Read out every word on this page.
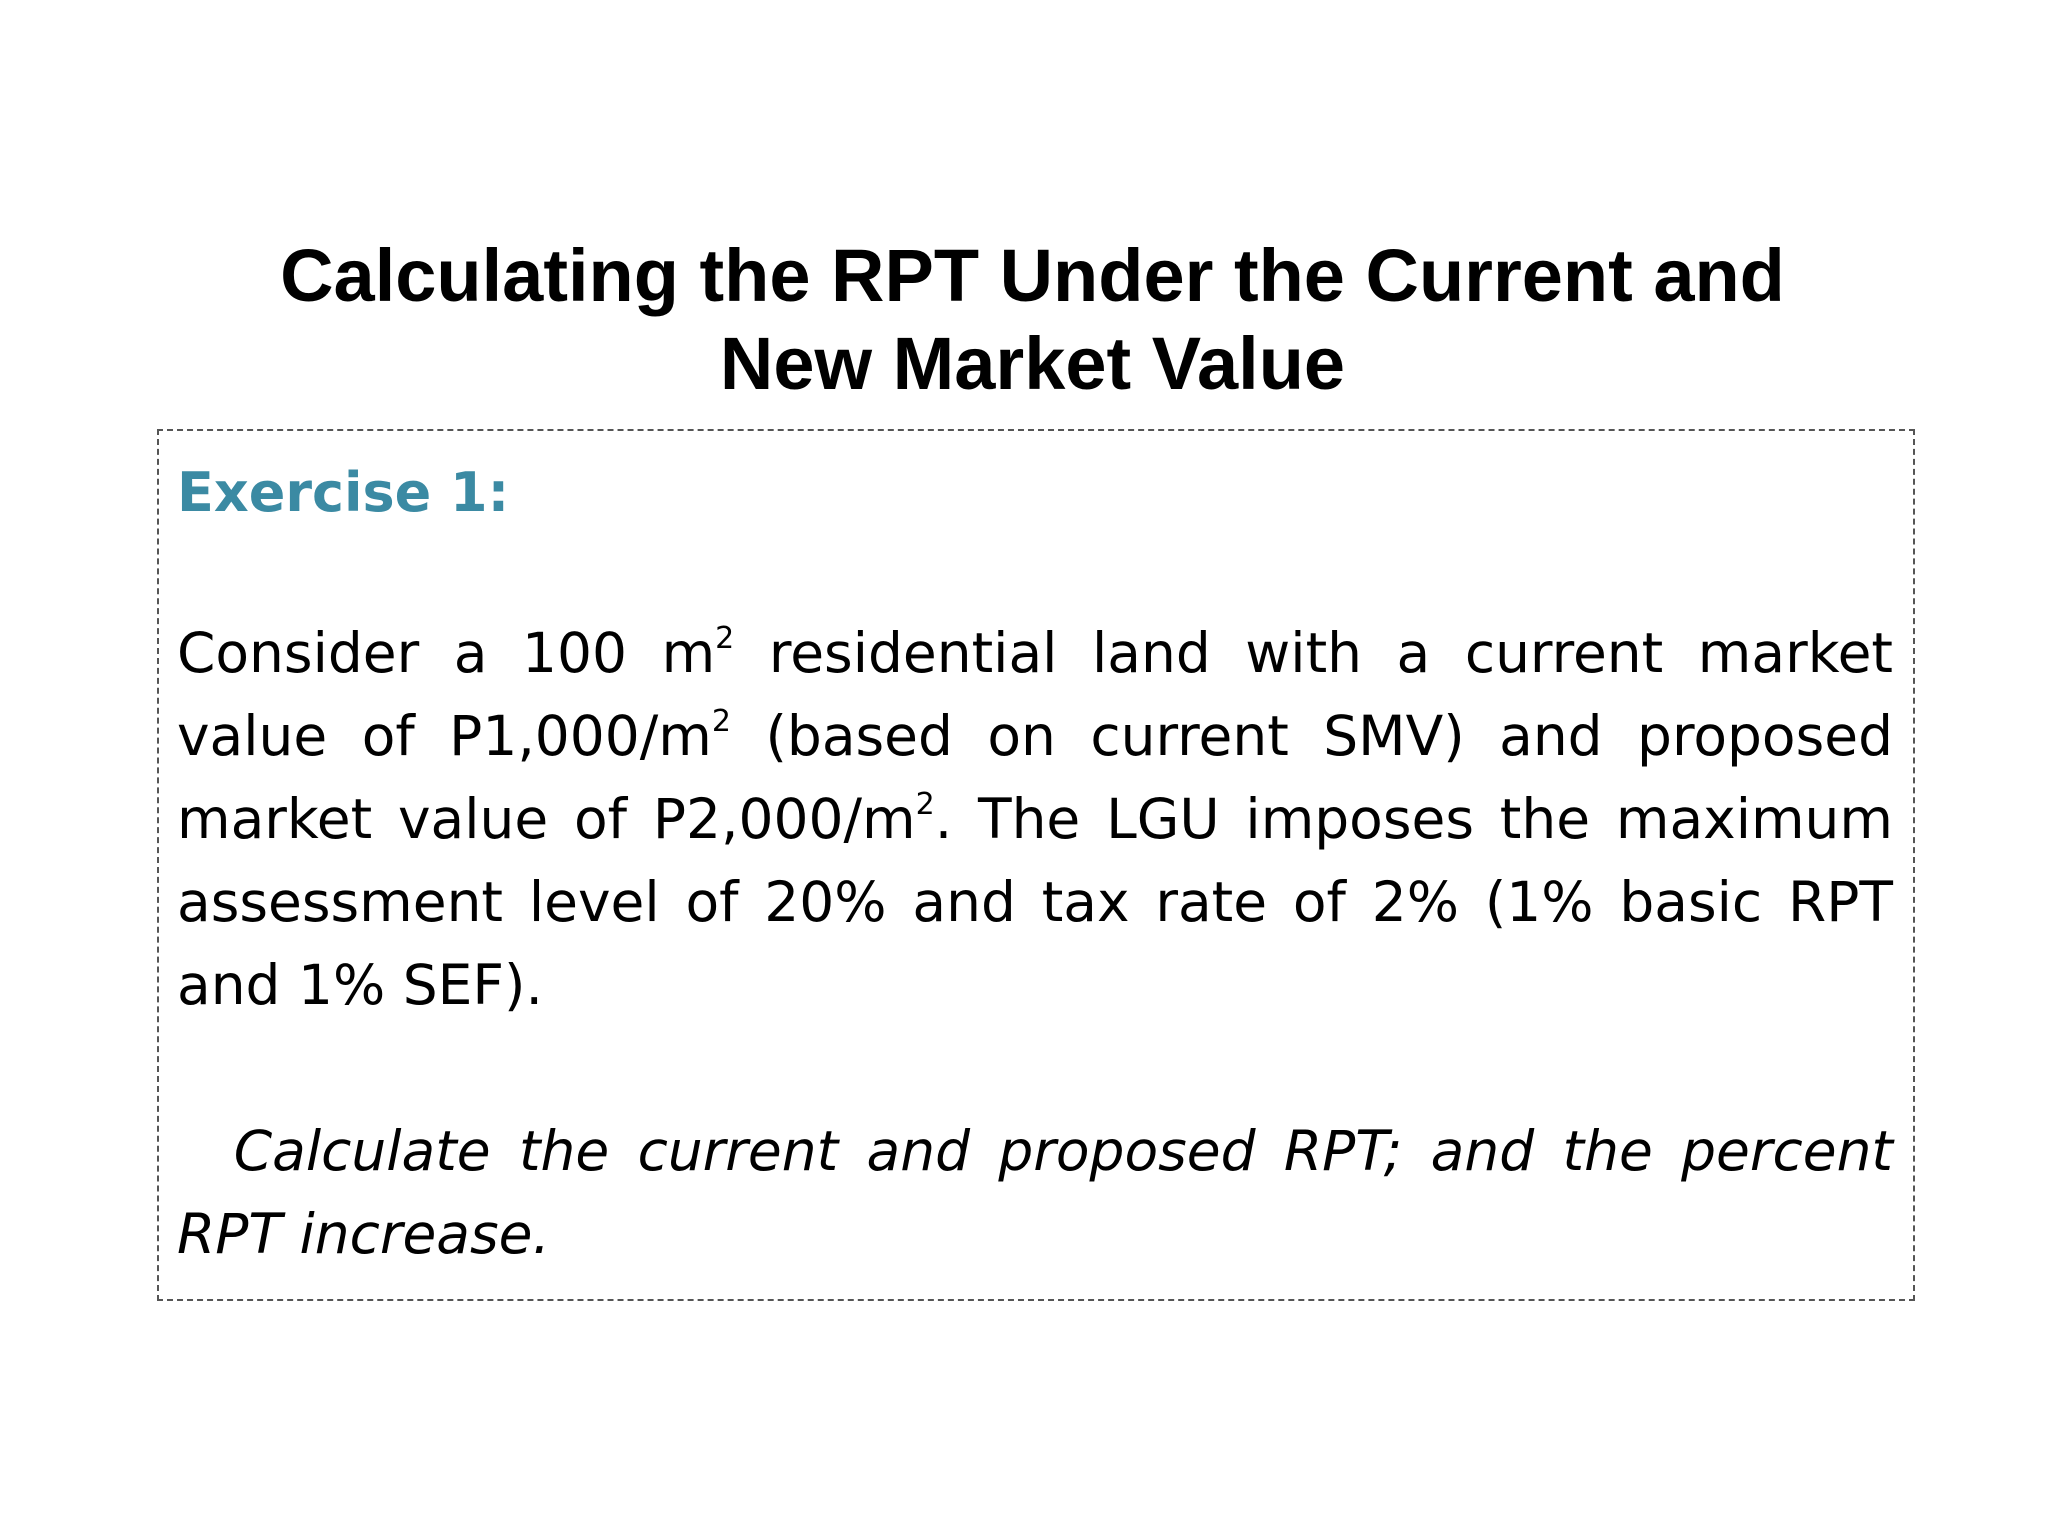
Calculating the RPT Under the Current and
New Market Value

Exercise 1:

Consider a 100 $m^2$ residential land with a current market value of $P1,000/m^2$ (based on current SMV) and proposed market value of $P2,000/m^2$. The LGU imposes the maximum assessment level of 20% and tax rate of 2% (1% basic RPT and 1% SEF).

Calculate the current and proposed RPT; and the percent RPT increase.
